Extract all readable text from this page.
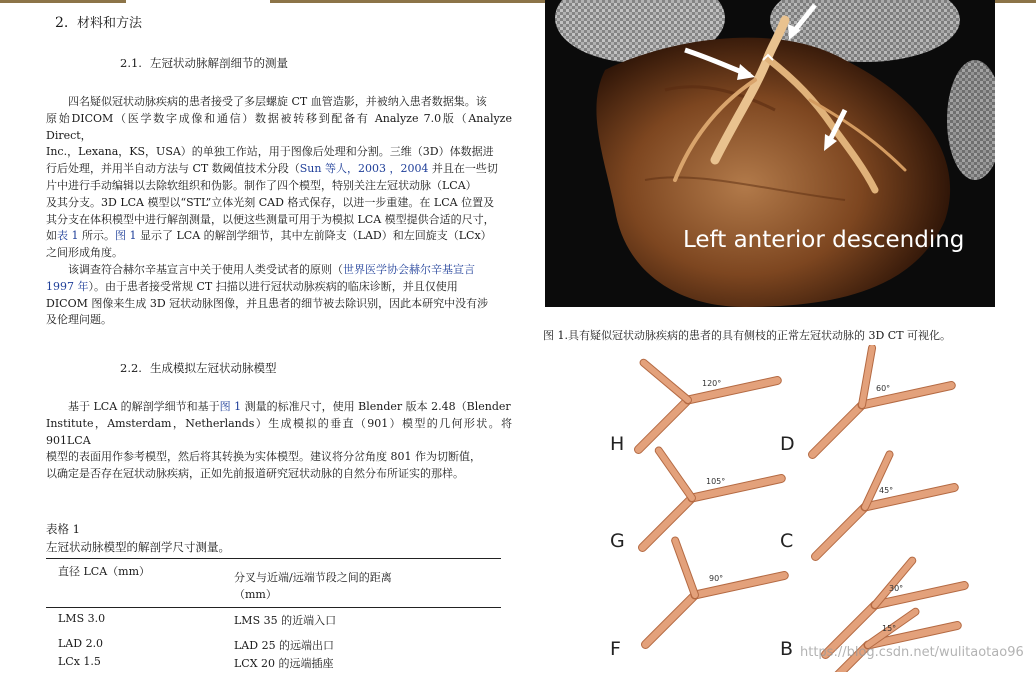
2. 材料和方法
2.1. 左冠状动脉解剖细节的测量

四名疑似冠状动脉疾病的患者接受了多层螺旋 CT 血管造影，并被纳入患者数据集。该

原始DICOM（医学数字成像和通信）数据被转移到配备有 Analyze 7.0版（Analyze Direct，
Inc.，Lexana，KS，USA）的单独工作站，用于图像后处理和分割。三维（3D）体数据进
行后处理，并用半自动方法与 CT 数阈值技术分段（Sun 等人，2003 ，2004 并且在一些切
片中进行手动编辑以去除软组织和伪影。制作了四个模型，特别关注左冠状动脉（LCA）
及其分支。3D LCA 模型以“STL”立体光刻 CAD 格式保存，以进一步重建。在 LCA 位置及
其分支在体积模型中进行解剖测量，以便这些测量可用于为模拟 LCA 模型提供合适的尺寸，
如表 1 所示。图 1 显示了 LCA 的解剖学细节，其中左前降支（LAD）和左回旋支（LCx）
之间形成角度。

该调查符合赫尔辛基宣言中关于使用人类受试者的原则（世界医学协会赫尔辛基宣言

1997 年）。由于患者接受常规 CT 扫描以进行冠状动脉疾病的临床诊断，并且仅使用
DICOM 图像来生成 3D 冠状动脉图像，并且患者的细节被去除识别，因此本研究中没有涉
及伦理问题。
2.2. 生成模拟左冠状动脉模型
基于 LCA 的解剖学细节和基于图 1 测量的标准尺寸，使用 Blender 版本 2.48（Blender
Institute，Amsterdam，Netherlands）生成模拟的垂直（901）模型的几何形状。将 901LCA
模型的表面用作参考模型，然后将其转换为实体模型。建议将分岔角度 801 作为切断值，
以确定是否存在冠状动脉疾病，正如先前报道研究冠状动脉的自然分布所证实的那样。
表格 1
左冠状动脉模型的解剖学尺寸测量。
直径 LCA（mm）	分叉与近端/远端节段之间的距离
（mm）
LMS 3.0	LMS 35 的近端入口
LAD 2.0	LAD 25 的远端出口
LCx 1.5	LCX 20 的远端插座
Left anterior descending
图 1.具有疑似冠状动脉疾病的患者的具有侧枝的正常左冠状动脉的 3D CT 可视化。
120°
H
60°
D
105°
G
45°
C
90°
F
30°
B
15°
https://blog.csdn.net/wulitaotao96
